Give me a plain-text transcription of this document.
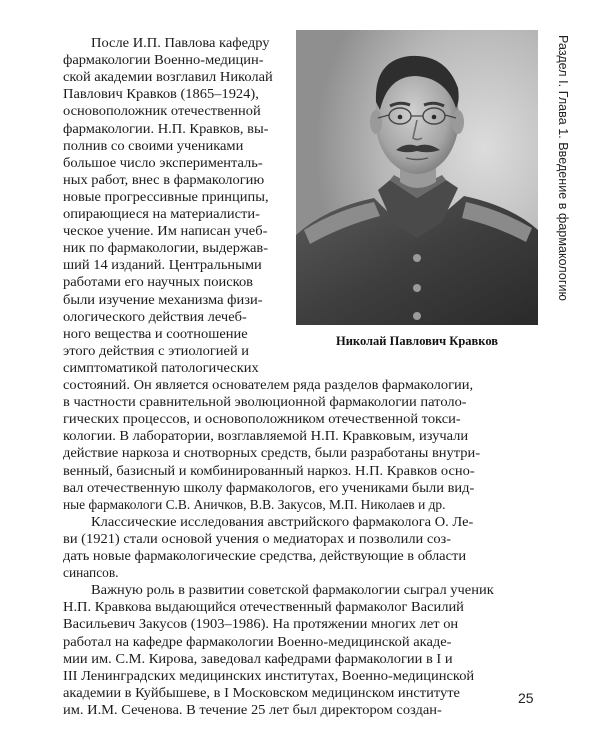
Раздел I. Глава 1. Введение в фармакологию
Николай Павлович Кравков
После И.П. Павлова кафедру
фармакологии Военно-медицин-
ской академии возглавил Николай
Павлович Кравков (1865–1924),
основоположник отечественной
фармакологии. Н.П. Кравков, вы-
полнив со своими учениками
большое число эксперименталь-
ных работ, внес в фармакологию
новые прогрессивные принципы,
опирающиеся на материалисти-
ческое учение. Им написан учеб-
ник по фармакологии, выдержав-
ший 14 изданий. Центральными
работами его научных поисков
были изучение механизма физи-
ологического действия лечеб-
ного вещества и соотношение
этого действия с этиологией и
симптоматикой патологических
состояний. Он является основателем ряда разделов фармакологии,
в частности сравнительной эволюционной фармакологии патоло-
гических процессов, и основоположником отечественной токси-
кологии. В лаборатории, возглавляемой Н.П. Кравковым, изучали
действие наркоза и снотворных средств, были разработаны внутри-
венный, базисный и комбинированный наркоз. Н.П. Кравков осно-
вал отечественную школу фармакологов, его учениками были вид-
ные фармакологи С.В. Аничков, В.В. Закусов, М.П. Николаев и др.
Классические исследования австрийского фармаколога О. Ле-
ви (1921) стали основой учения о медиаторах и позволили соз-
дать новые фармакологические средства, действующие в области
синапсов.
Важную роль в развитии советской фармакологии сыграл ученик
Н.П. Кравкова выдающийся отечественный фармаколог Василий
Васильевич Закусов (1903–1986). На протяжении многих лет он
работал на кафедре фармакологии Военно-медицинской акаде-
мии им. С.М. Кирова, заведовал кафедрами фармакологии в I и
III Ленинградских медицинских институтах, Военно-медицинской
академии в Куйбышеве, в I Московском медицинском институте
им. И.М. Сеченова. В течение 25 лет был директором создан-
25
